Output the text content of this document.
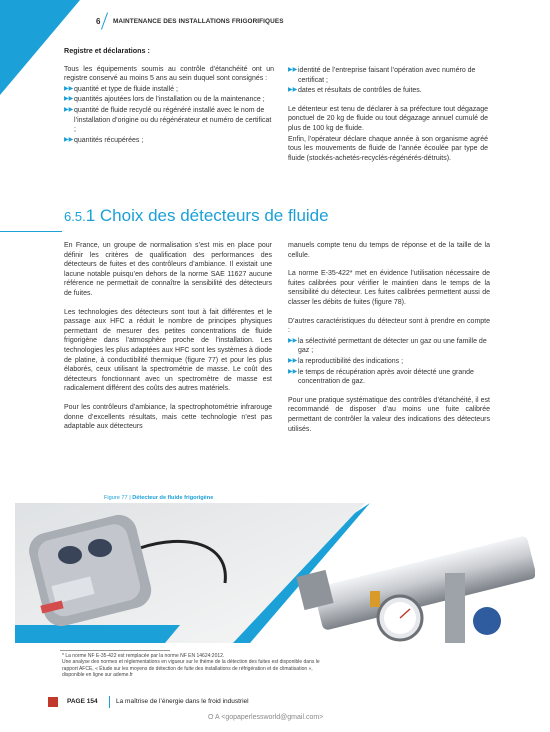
6 MAINTENANCE DES INSTALLATIONS FRIGORIFIQUES

Registre et déclarations :

Tous les équipements soumis au contrôle d’étanchéité ont un registre conservé au moins 5 ans au sein duquel sont consignés :

▶▶ quantité et type de fluide installé ;
▶▶ quantités ajoutées lors de l’installation ou de la maintenance ;
▶▶ quantité de fluide recyclé ou régénéré installé avec le nom de l’installation d’origine ou du régénérateur et numéro de certificat ;
▶▶ quantités récupérées ;
▶▶ identité de l’entreprise faisant l’opération avec numéro de certificat ;
▶▶ dates et résultats de contrôles de fuites.

Le détenteur est tenu de déclarer à sa préfecture tout dégazage ponctuel de 20 kg de fluide ou tout dégazage annuel cumulé de plus de 100 kg de fluide.

Enfin, l’opérateur déclare chaque année à son organisme agréé tous les mouvements de fluide de l’année écoulée par type de fluide (stockés-achetés-recyclés-régénérés-détruits).

6.5.1 Choix des détecteurs de fluide

En France, un groupe de normalisation s’est mis en place pour définir les critères de qualification des performances des détecteurs de fuites et des contrôleurs d’ambiance. Il existait une lacune notable puisqu’en dehors de la norme SAE 11627 aucune référence ne permettait de connaître la sensibilité des détecteurs de fuites.

Les technologies des détecteurs sont tout à fait différentes et le passage aux HFC a réduit le nombre de principes physiques permettant de mesurer des petites concentrations de fluide frigorigène dans l’atmosphère proche de l’installation. Les technologies les plus adaptées aux HFC sont les systèmes à diode de platine, à conductibilité thermique (figure 77) et pour les plus élaborés, ceux utilisant la spectrométrie de masse. Le coût des détecteurs fonctionnant avec un spectromètre de masse est radicalement différent des coûts des autres matériels.

Pour les contrôleurs d’ambiance, la spectrophotométrie infrarouge donne d’excellents résultats, mais cette technologie n’est pas adaptable aux détecteurs

manuels compte tenu du temps de réponse et de la taille de la cellule.

La norme E-35-422* met en évidence l’utilisation nécessaire de fuites calibrées pour vérifier le maintien dans le temps de la sensibilité du détecteur. Les fuites calibrées permettent aussi de classer les débits de fuites (figure 78).

D’autres caractéristiques du détecteur sont à prendre en compte :

▶▶ la sélectivité permettant de détecter un gaz ou une famille de gaz ;
▶▶ la reproductibilité des indications ;
▶▶ le temps de récupération après avoir détecté une grande concentration de gaz.

Pour une pratique systématique des contrôles d’étanchéité, il est recommandé de disposer d’au moins une fuite calibrée permettant de contrôler la valeur des indications des détecteurs utilisés.

Figure 77 | Détecteur de fluide frigorigène

* La norme NF E-35-422 est remplacée par la norme NF EN 14624:2012.
Une analyse des normes et réglementations en vigueur sur le thème de la détection des fuites est disponible dans le rapport AFCE, « Étude sur les moyens de détection de fuite des installations de réfrigération et de climatisation », disponible en ligne sur ademe.fr
PAGE 154	La maîtrise de l’énergie dans le froid industriel
O A <gopaperlessworld@gmail.com>
